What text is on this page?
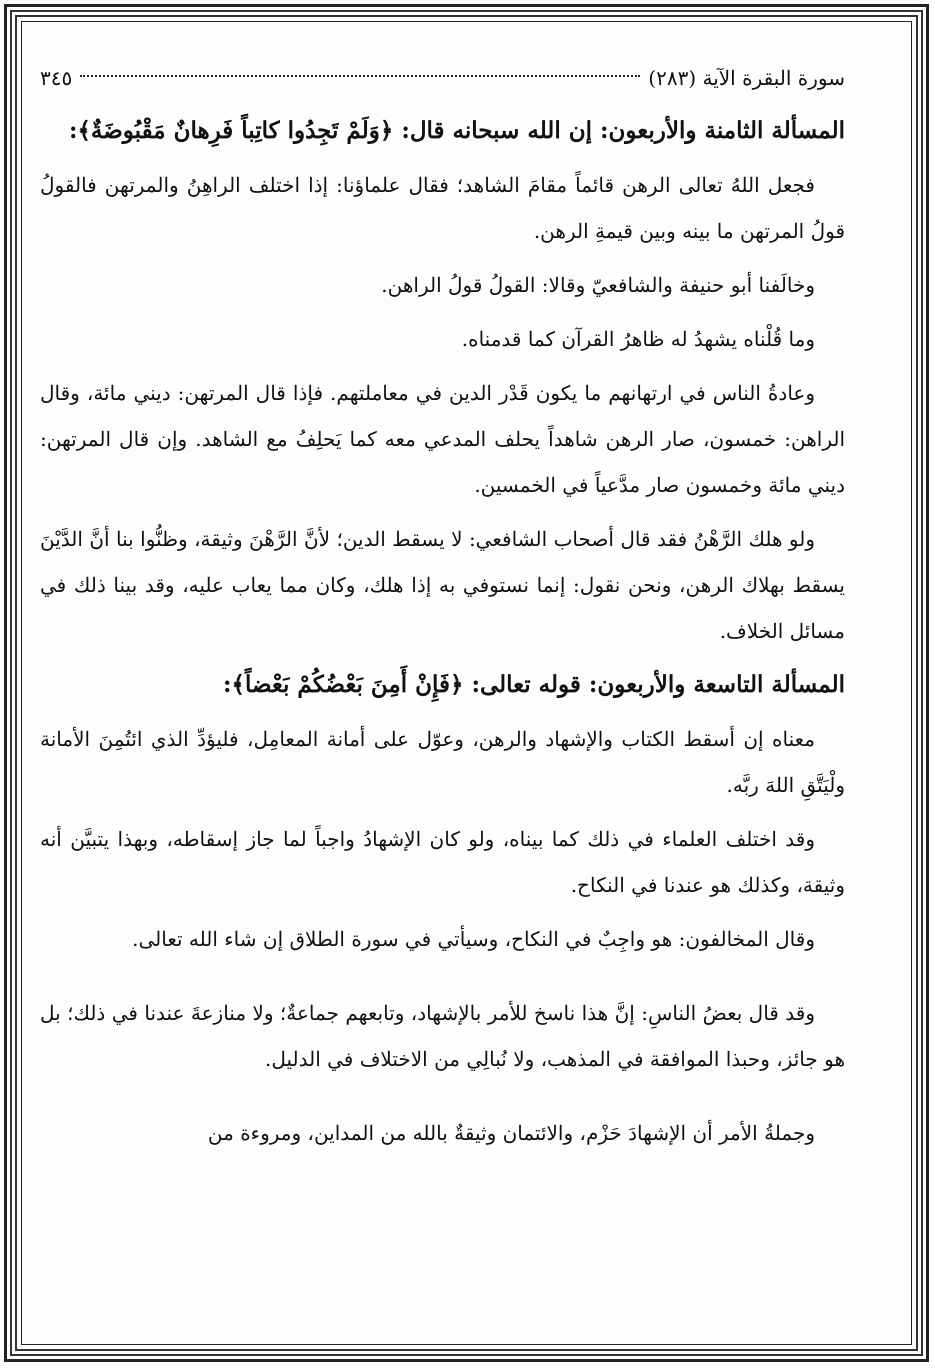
سورة البقرة الآية (٢٨٣)
٣٤٥
المسألة الثامنة والأربعون: إن الله سبحانه قال: ﴿وَلَمْ تَجِدُوا كاتِباً فَرِهانٌ مَقْبُوضَةٌ﴾:

فجعل اللهُ تعالى الرهن قائماً مقامَ الشاهد؛ فقال علماؤنا: إذا اختلف الراهِنُ والمرتهن فالقولُ قولُ المرتهن ما بينه وبين قيمةِ الرهن.

وخالَفنا أبو حنيفة والشافعيّ وقالا: القولُ قولُ الراهن.

وما قُلْناه يشهدُ له ظاهرُ القرآن كما قدمناه.

وعادةُ الناس في ارتهانهم ما يكون قَدْر الدين في معاملتهم. فإذا قال المرتهن: ديني مائة، وقال الراهن: خمسون، صار الرهن شاهداً يحلف المدعي معه كما يَحلِفُ مع الشاهد. وإن قال المرتهن: ديني مائة وخمسون صار مدَّعياً في الخمسين.

ولو هلك الرَّهْنُ فقد قال أصحاب الشافعي: لا يسقط الدين؛ لأنَّ الرَّهْنَ وثيقة، وظنُّوا بنا أنَّ الدَّيْنَ يسقط بهلاك الرهن، ونحن نقول: إنما نستوفي به إذا هلك، وكان مما يعاب عليه، وقد بينا ذلك في مسائل الخلاف.

المسألة التاسعة والأربعون: قوله تعالى: ﴿فَإِنْ أَمِنَ بَعْضُكُمْ بَعْضاً﴾:

معناه إن أسقط الكتاب والإشهاد والرهن، وعوّل على أمانة المعامِل، فليؤدِّ الذي ائتُمِنَ الأمانة ولْيَتَّقِ اللهَ ربَّه.

وقد اختلف العلماء في ذلك كما بيناه، ولو كان الإشهادُ واجباً لما جاز إسقاطه، وبهذا يتبيَّن أنه وثيقة، وكذلك هو عندنا في النكاح.

وقال المخالفون: هو واجِبٌ في النكاح، وسيأتي في سورة الطلاق إن شاء الله تعالى.

وقد قال بعضُ الناسِ: إنَّ هذا ناسخ للأمر بالإشهاد، وتابعهم جماعةٌ؛ ولا منازعةَ عندنا في ذلك؛ بل هو جائز، وحبذا الموافقة في المذهب، ولا نُبالِي من الاختلاف في الدليل.

وجملةُ الأمر أن الإشهادَ حَزْم، والائتمان وثيقةٌ بالله من المداين، ومروءة من
